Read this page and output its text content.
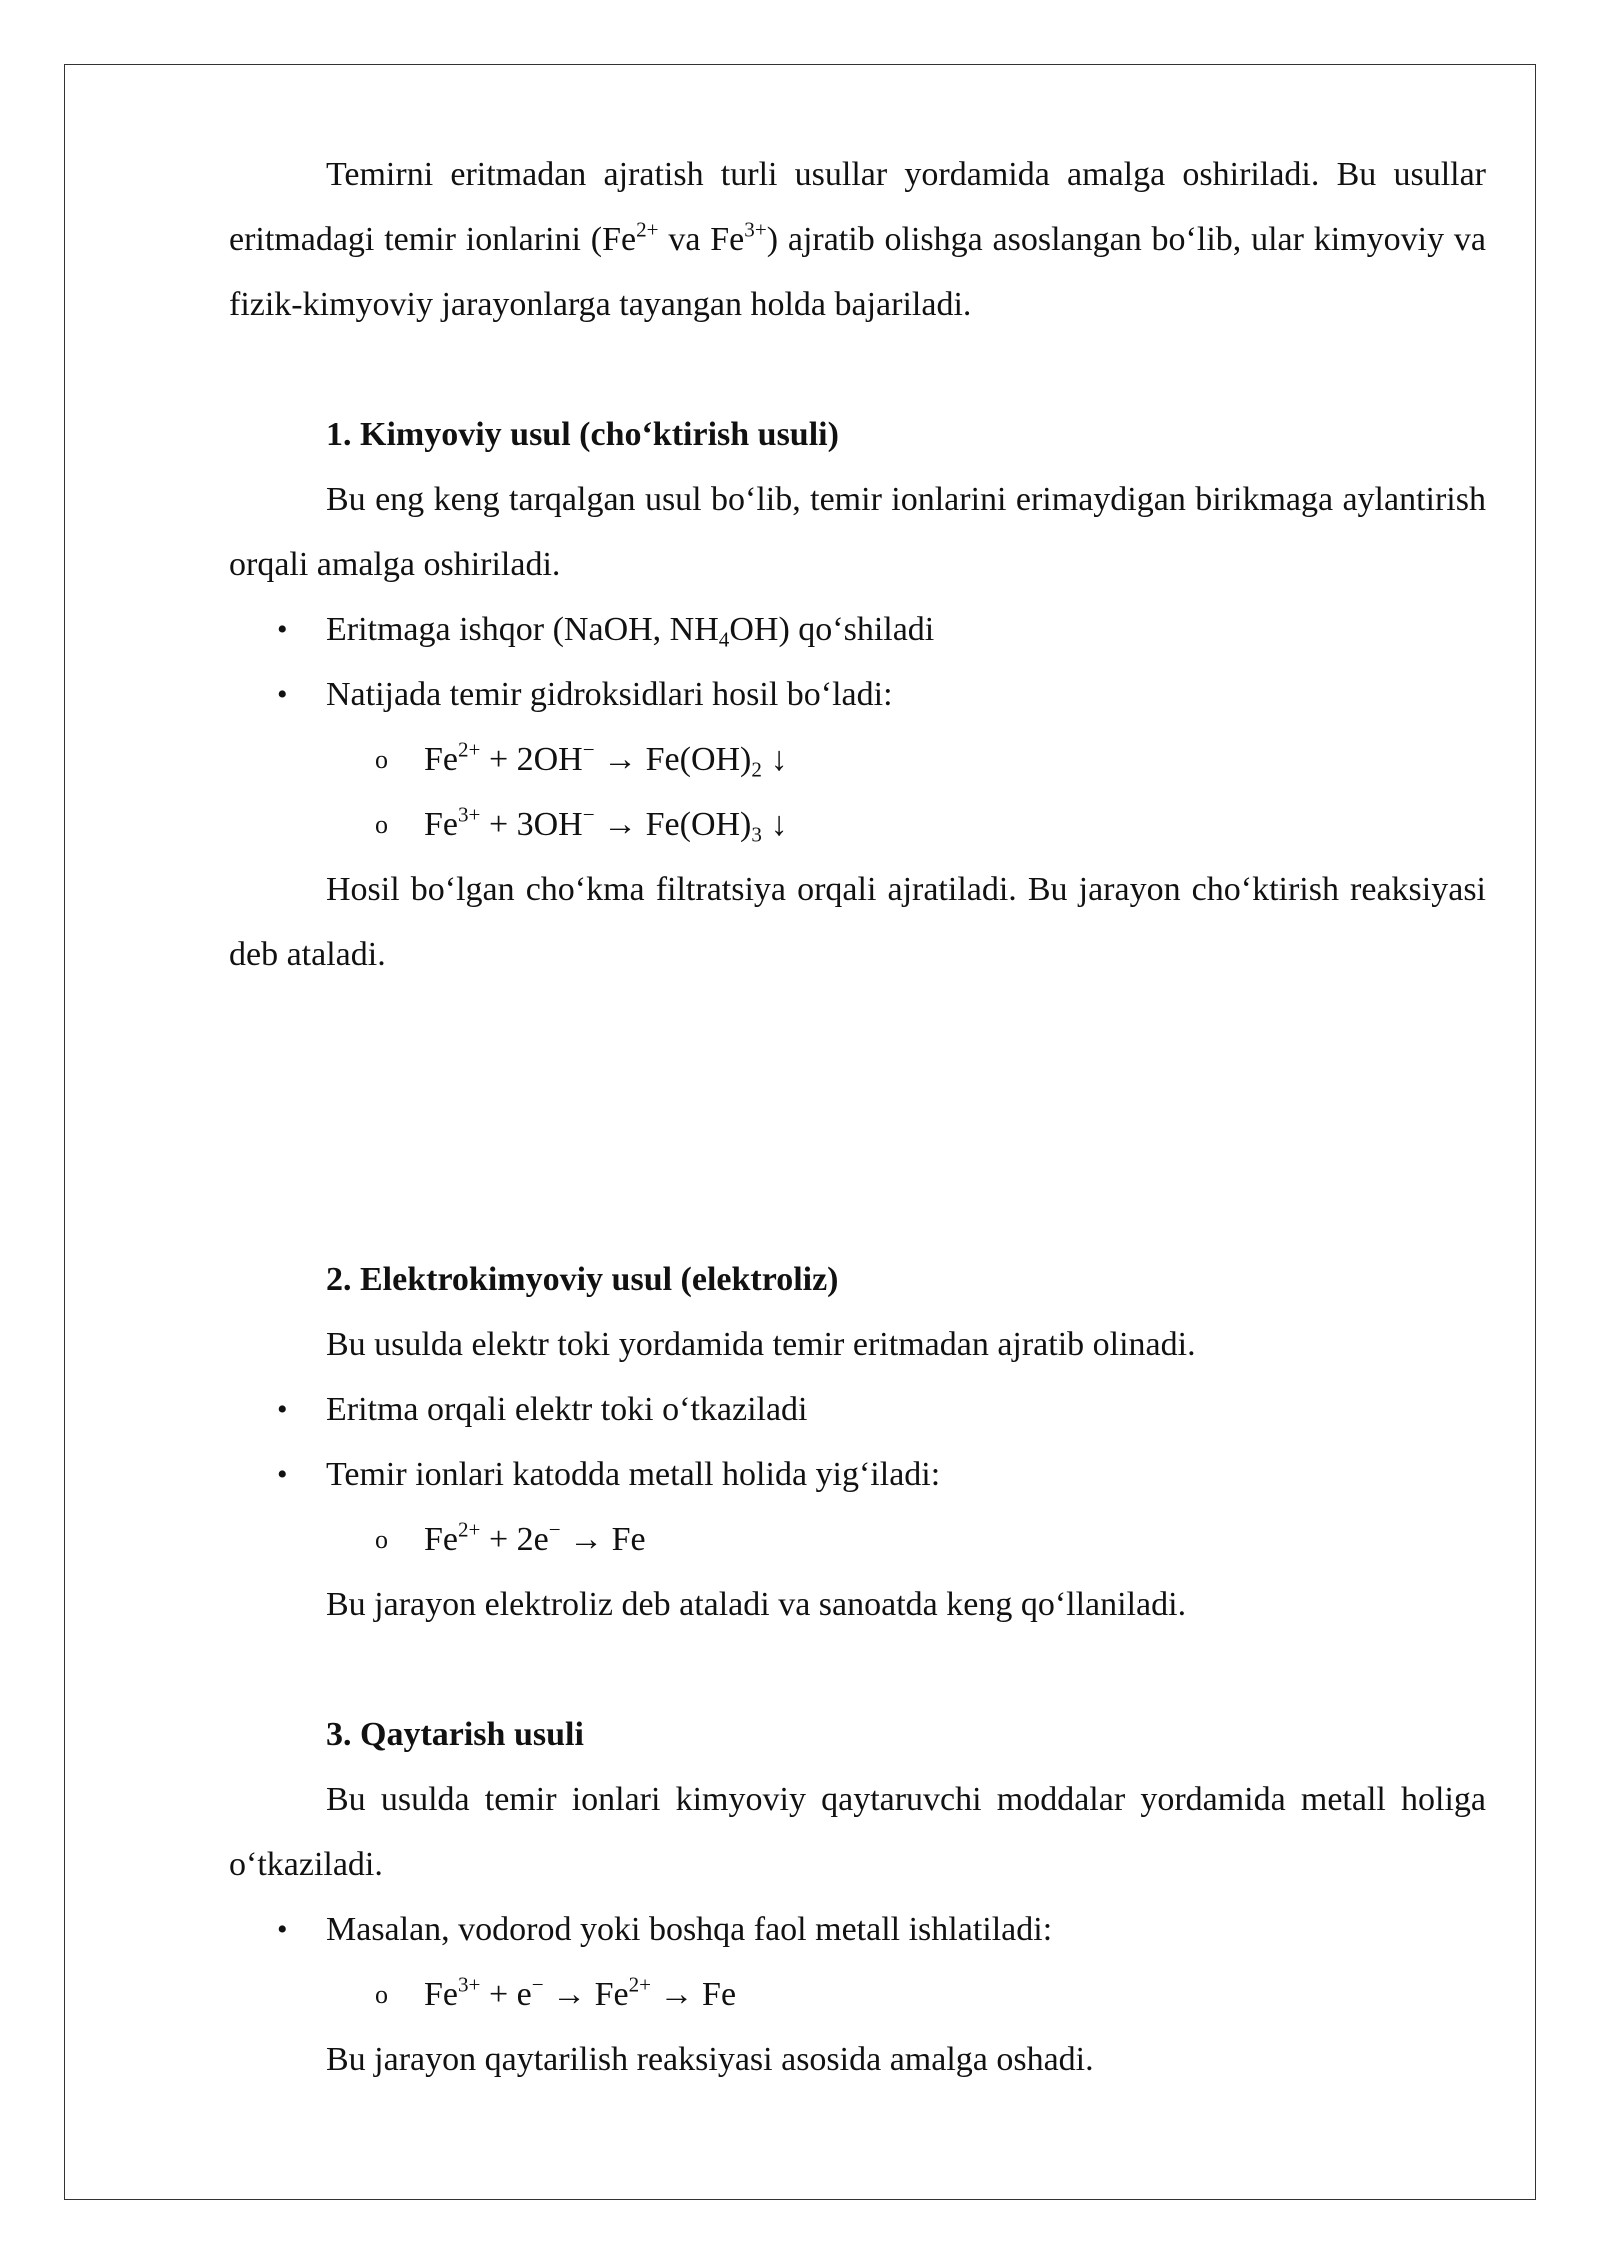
Temirni eritmadan ajratish turli usullar yordamida amalga oshiriladi. Bu usullar eritmadagi temir ionlarini ($Fe^{2+}$ va $Fe^{3+}$) ajratib olishga asoslangan bo‘lib, ular kimyoviy va fizik-kimyoviy jarayonlarga tayangan holda bajariladi.

1. Kimyoviy usul (cho‘ktirish usuli)

Bu eng keng tarqalgan usul bo‘lib, temir ionlarini erimaydigan birikmaga aylantirish orqali amalga oshiriladi.

• Eritmaga ishqor (NaOH, $NH_4OH$) qo‘shiladi

• Natijada temir gidroksidlari hosil bo‘ladi:

o $Fe^{2+} + 2OH^- \to Fe(OH)_2$ ↓

o $Fe^{3+} + 3OH^- \to Fe(OH)_3$ ↓

Hosil bo‘lgan cho‘kma filtratsiya orqali ajratiladi. Bu jarayon cho‘ktirish reaksiyasi deb ataladi.

2. Elektrokimyoviy usul (elektroliz)

Bu usulda elektr toki yordamida temir eritmadan ajratib olinadi.

• Eritma orqali elektr toki o‘tkaziladi

• Temir ionlari katodda metall holida yig‘iladi:

o $Fe^{2+} + 2e^- \to Fe$

Bu jarayon elektroliz deb ataladi va sanoatda keng qo‘llaniladi.

3. Qaytarish usuli

Bu usulda temir ionlari kimyoviy qaytaruvchi moddalar yordamida metall holiga o‘tkaziladi.

• Masalan, vodorod yoki boshqa faol metall ishlatiladi:

o $Fe^{3+} + e^- \to Fe^{2+} \to Fe$

Bu jarayon qaytarilish reaksiyasi asosida amalga oshadi.
